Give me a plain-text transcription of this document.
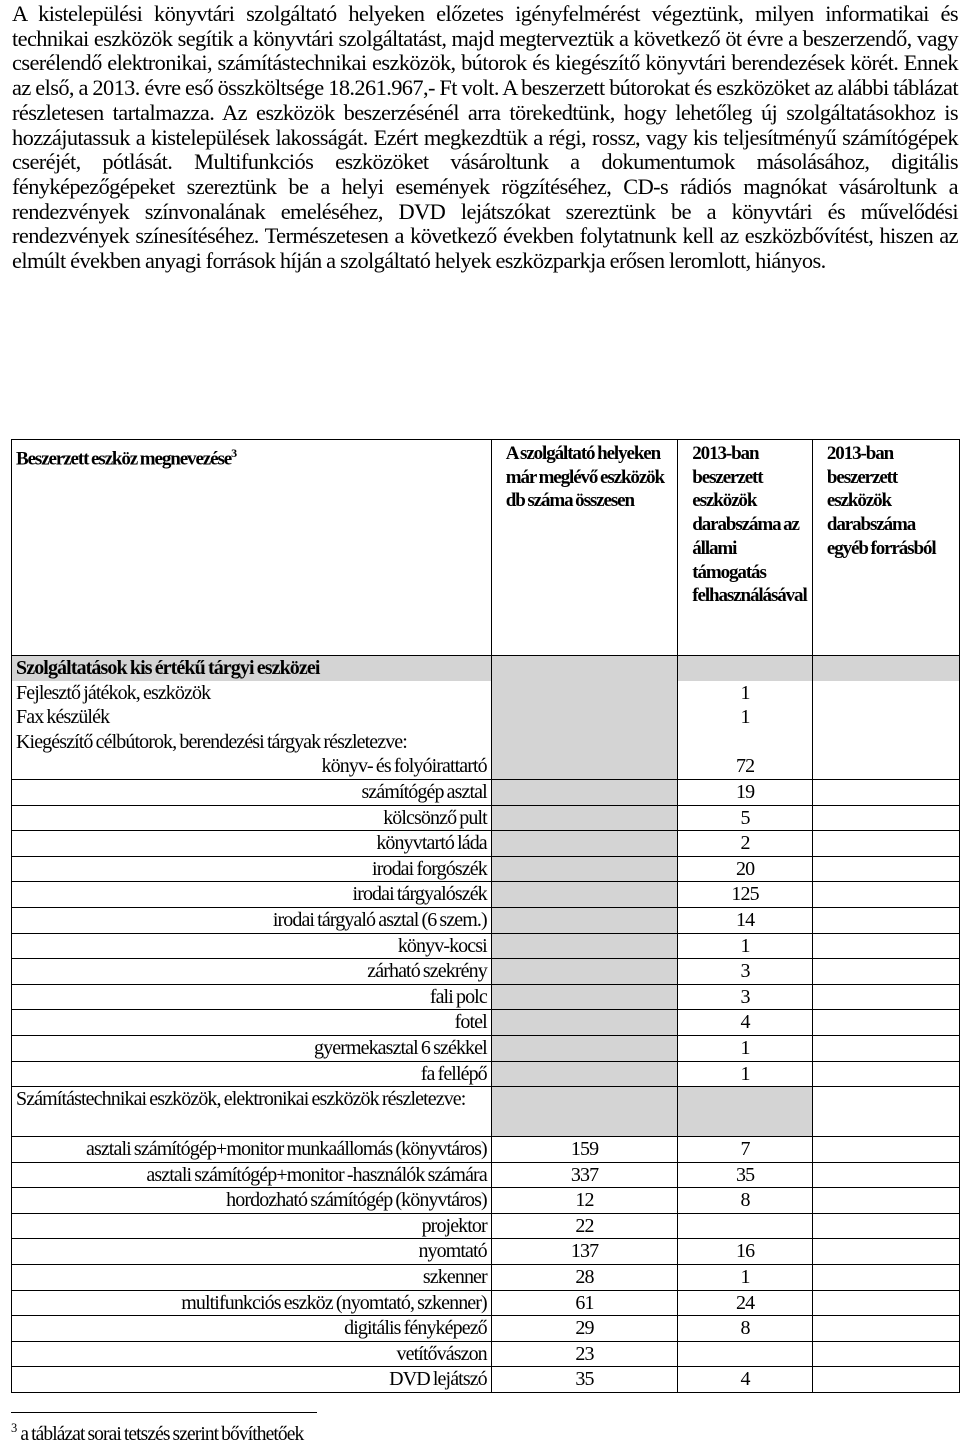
A kistelepülési könyvtári szolgáltató helyeken előzetes igényfelmérést végeztünk, milyen informatikai és technikai eszközök segítik a könyvtári szolgáltatást, majd megterveztük a következő öt évre a beszerzendő, vagy cserélendő elektronikai, számítástechnikai eszközök, bútorok és kiegészítő könyvtári berendezések körét. Ennek az első, a 2013. évre eső összköltsége 18.261.967,- Ft volt. A beszerzett bútorokat és eszközöket az alábbi táblázat részletesen tartalmazza. Az eszközök beszerzésénél arra törekedtünk, hogy lehetőleg új szolgáltatásokhoz is hozzájutassuk a kistelepülések lakosságát. Ezért megkezdtük a régi, rossz, vagy kis teljesítményű számítógépek cseréjét, pótlását. Multifunkciós eszközöket vásároltunk a dokumentumok másolásához, digitális fényképezőgépeket szereztünk be a helyi események rögzítéséhez, CD-s rádiós magnókat vásároltunk a rendezvények színvonalának emeléséhez, DVD lejátszókat szereztünk be a könyvtári és művelődési rendezvények színesítéséhez. Természetesen a következő években folytatnunk kell az eszközbővítést, hiszen az elmúlt években anyagi források híján a szolgáltató helyek eszközparkja erősen leromlott, hiányos.

Beszerzett eszköz megnevezése$^3$	A szolgáltató helyeken már meglévő eszközök db száma összesen	2013-ban beszerzett eszközök darabszáma az állami támogatás felhasználásával	2013-ban beszerzett eszközök darabszáma egyéb forrásból
Szolgáltatások kis értékű tárgyi eszközei			
Fejlesztő játékok, eszközök		1	
Fax készülék		1	
Kiegészítő célbútorok, berendezési tárgyak részletezve:			
könyv- és folyóirattartó		72	
számítógép asztal		19	
kölcsönző pult		5	
könyvtartó láda		2	
irodai forgószék		20	
irodai tárgyalószék		125	
irodai tárgyaló asztal (6 szem.)		14	
könyv-kocsi		1	
zárható szekrény		3	
fali polc		3	
fotel		4	
gyermekasztal 6 székkel		1	
fa fellépő		1	
Számítástechnikai eszközök, elektronikai eszközök részletezve:			
asztali számítógép+monitor munkaállomás (könyvtáros)	159	7	
asztali számítógép+monitor -használók számára	337	35	
hordozható számítógép (könyvtáros)	12	8	
projektor	22		
nyomtató	137	16	
szkenner	28	1	
multifunkciós eszköz (nyomtató, szkenner)	61	24	
digitális fényképező	29	8	
vetítővászon	23		
DVD lejátszó	35	4	
$^3$ a táblázat sorai tetszés szerint bővíthetőek
